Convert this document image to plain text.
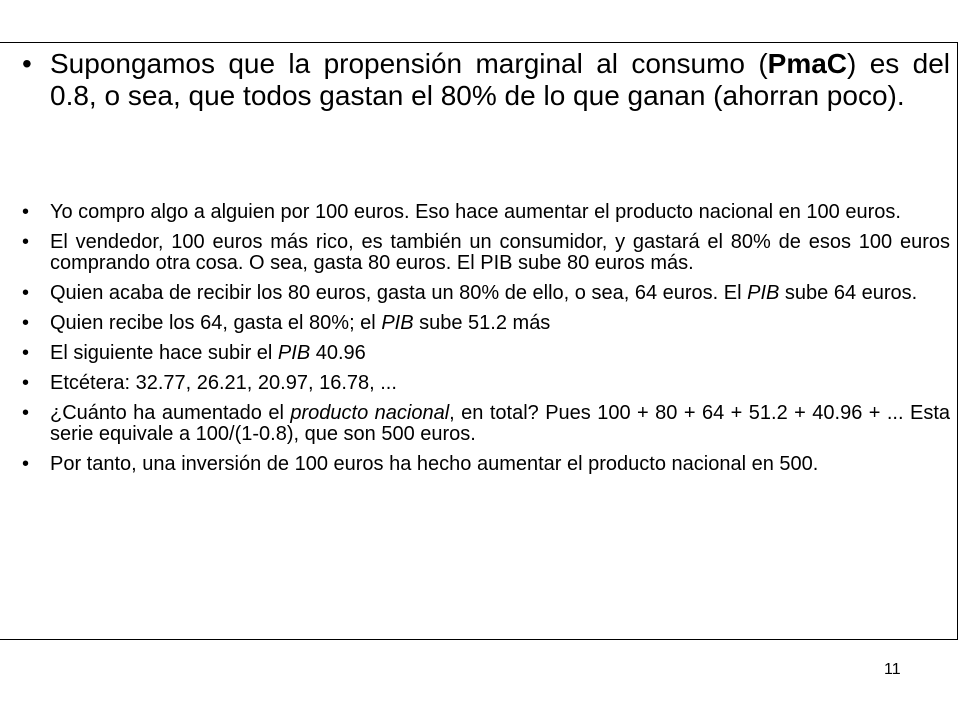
• Supongamos que la propensión marginal al consumo (PmaC) es del 0.8, o sea, que todos gastan el 80% de lo que ganan (ahorran poco).
• Yo compro algo a alguien por 100 euros. Eso hace aumentar el producto nacional en 100 euros.
• El vendedor, 100 euros más rico, es también un consumidor, y gastará el 80% de esos 100 euros comprando otra cosa. O sea, gasta 80 euros. El PIB sube 80 euros más.
• Quien acaba de recibir los 80 euros, gasta un 80% de ello, o sea, 64 euros. El PIB sube 64 euros.
• Quien recibe los 64, gasta el 80%; el PIB sube 51.2 más
• El siguiente hace subir el PIB 40.96
• Etcétera: 32.77, 26.21, 20.97, 16.78, ...
• ¿Cuánto ha aumentado el producto nacional, en total? Pues 100 + 80 + 64 + 51.2 + 40.96 + ... Esta serie equivale a 100/(1-0.8), que son 500 euros.
• Por tanto, una inversión de 100 euros ha hecho aumentar el producto nacional en 500.
11
